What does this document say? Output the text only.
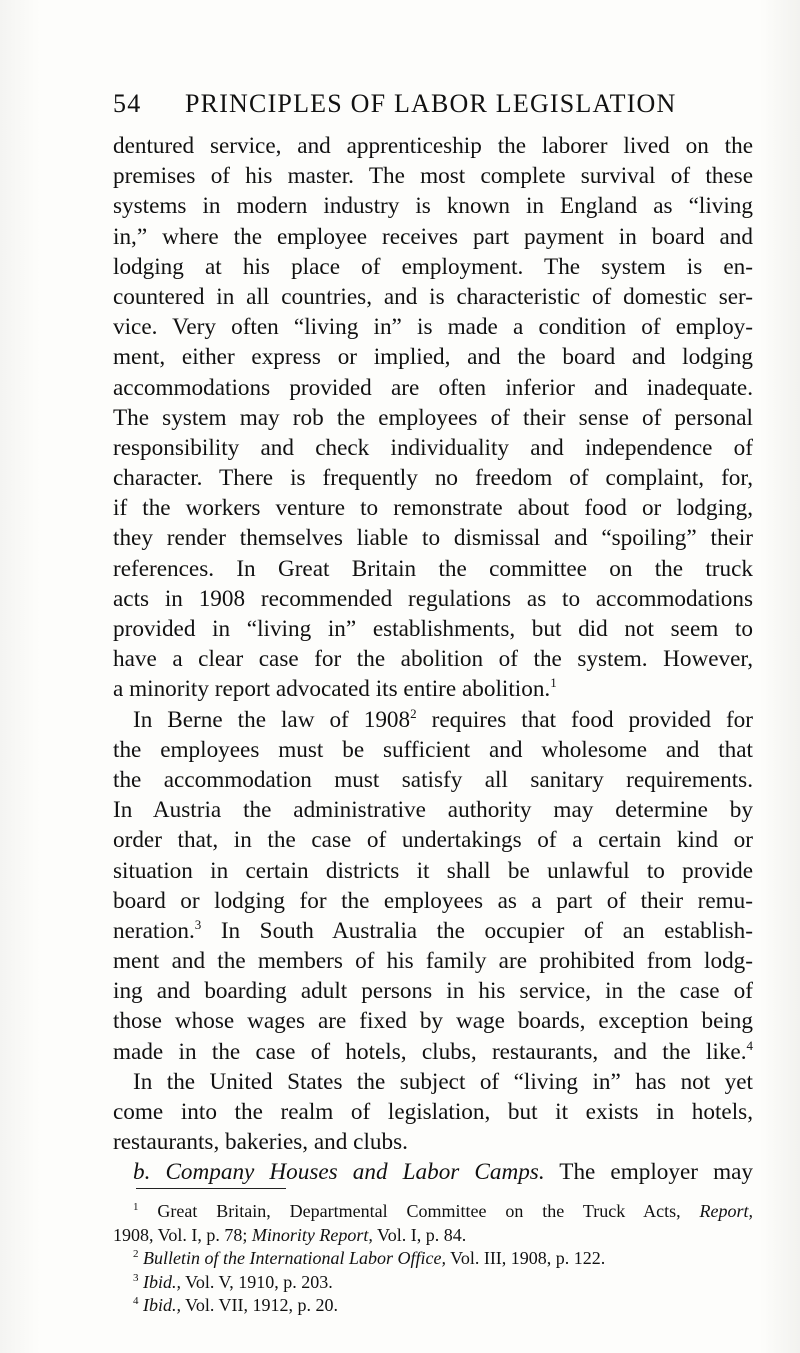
54 PRINCIPLES OF LABOR LEGISLATION
dentured service, and apprenticeship the laborer lived on the
premises of his master. The most complete survival of these
systems in modern industry is known in England as “living
in,” where the employee receives part payment in board and
lodging at his place of employment. The system is en-
countered in all countries, and is characteristic of domestic ser-
vice. Very often “living in” is made a condition of employ-
ment, either express or implied, and the board and lodging
accommodations provided are often inferior and inadequate.
The system may rob the employees of their sense of personal
responsibility and check individuality and independence of
character. There is frequently no freedom of complaint, for,
if the workers venture to remonstrate about food or lodging,
they render themselves liable to dismissal and “spoiling” their
references. In Great Britain the committee on the truck
acts in 1908 recommended regulations as to accommodations
provided in “living in” establishments, but did not seem to
have a clear case for the abolition of the system. However,
a minority report advocated its entire abolition.$^1$
In Berne the law of 1908$^2$ requires that food provided for
the employees must be sufficient and wholesome and that
the accommodation must satisfy all sanitary requirements.
In Austria the administrative authority may determine by
order that, in the case of undertakings of a certain kind or
situation in certain districts it shall be unlawful to provide
board or lodging for the employees as a part of their remu-
neration.$^3$ In South Australia the occupier of an establish-
ment and the members of his family are prohibited from lodg-
ing and boarding adult persons in his service, in the case of
those whose wages are fixed by wage boards, exception being
made in the case of hotels, clubs, restaurants, and the like.$^4$
In the United States the subject of “living in” has not yet
come into the realm of legislation, but it exists in hotels,
restaurants, bakeries, and clubs.
b. Company Houses and Labor Camps. The employer may
$^1$ Great Britain, Departmental Committee on the Truck Acts, Report,
1908, Vol. I, p. 78; Minority Report, Vol. I, p. 84.
$^2$ Bulletin of the International Labor Office, Vol. III, 1908, p. 122.
$^3$ Ibid., Vol. V, 1910, p. 203.
$^4$ Ibid., Vol. VII, 1912, p. 20.
